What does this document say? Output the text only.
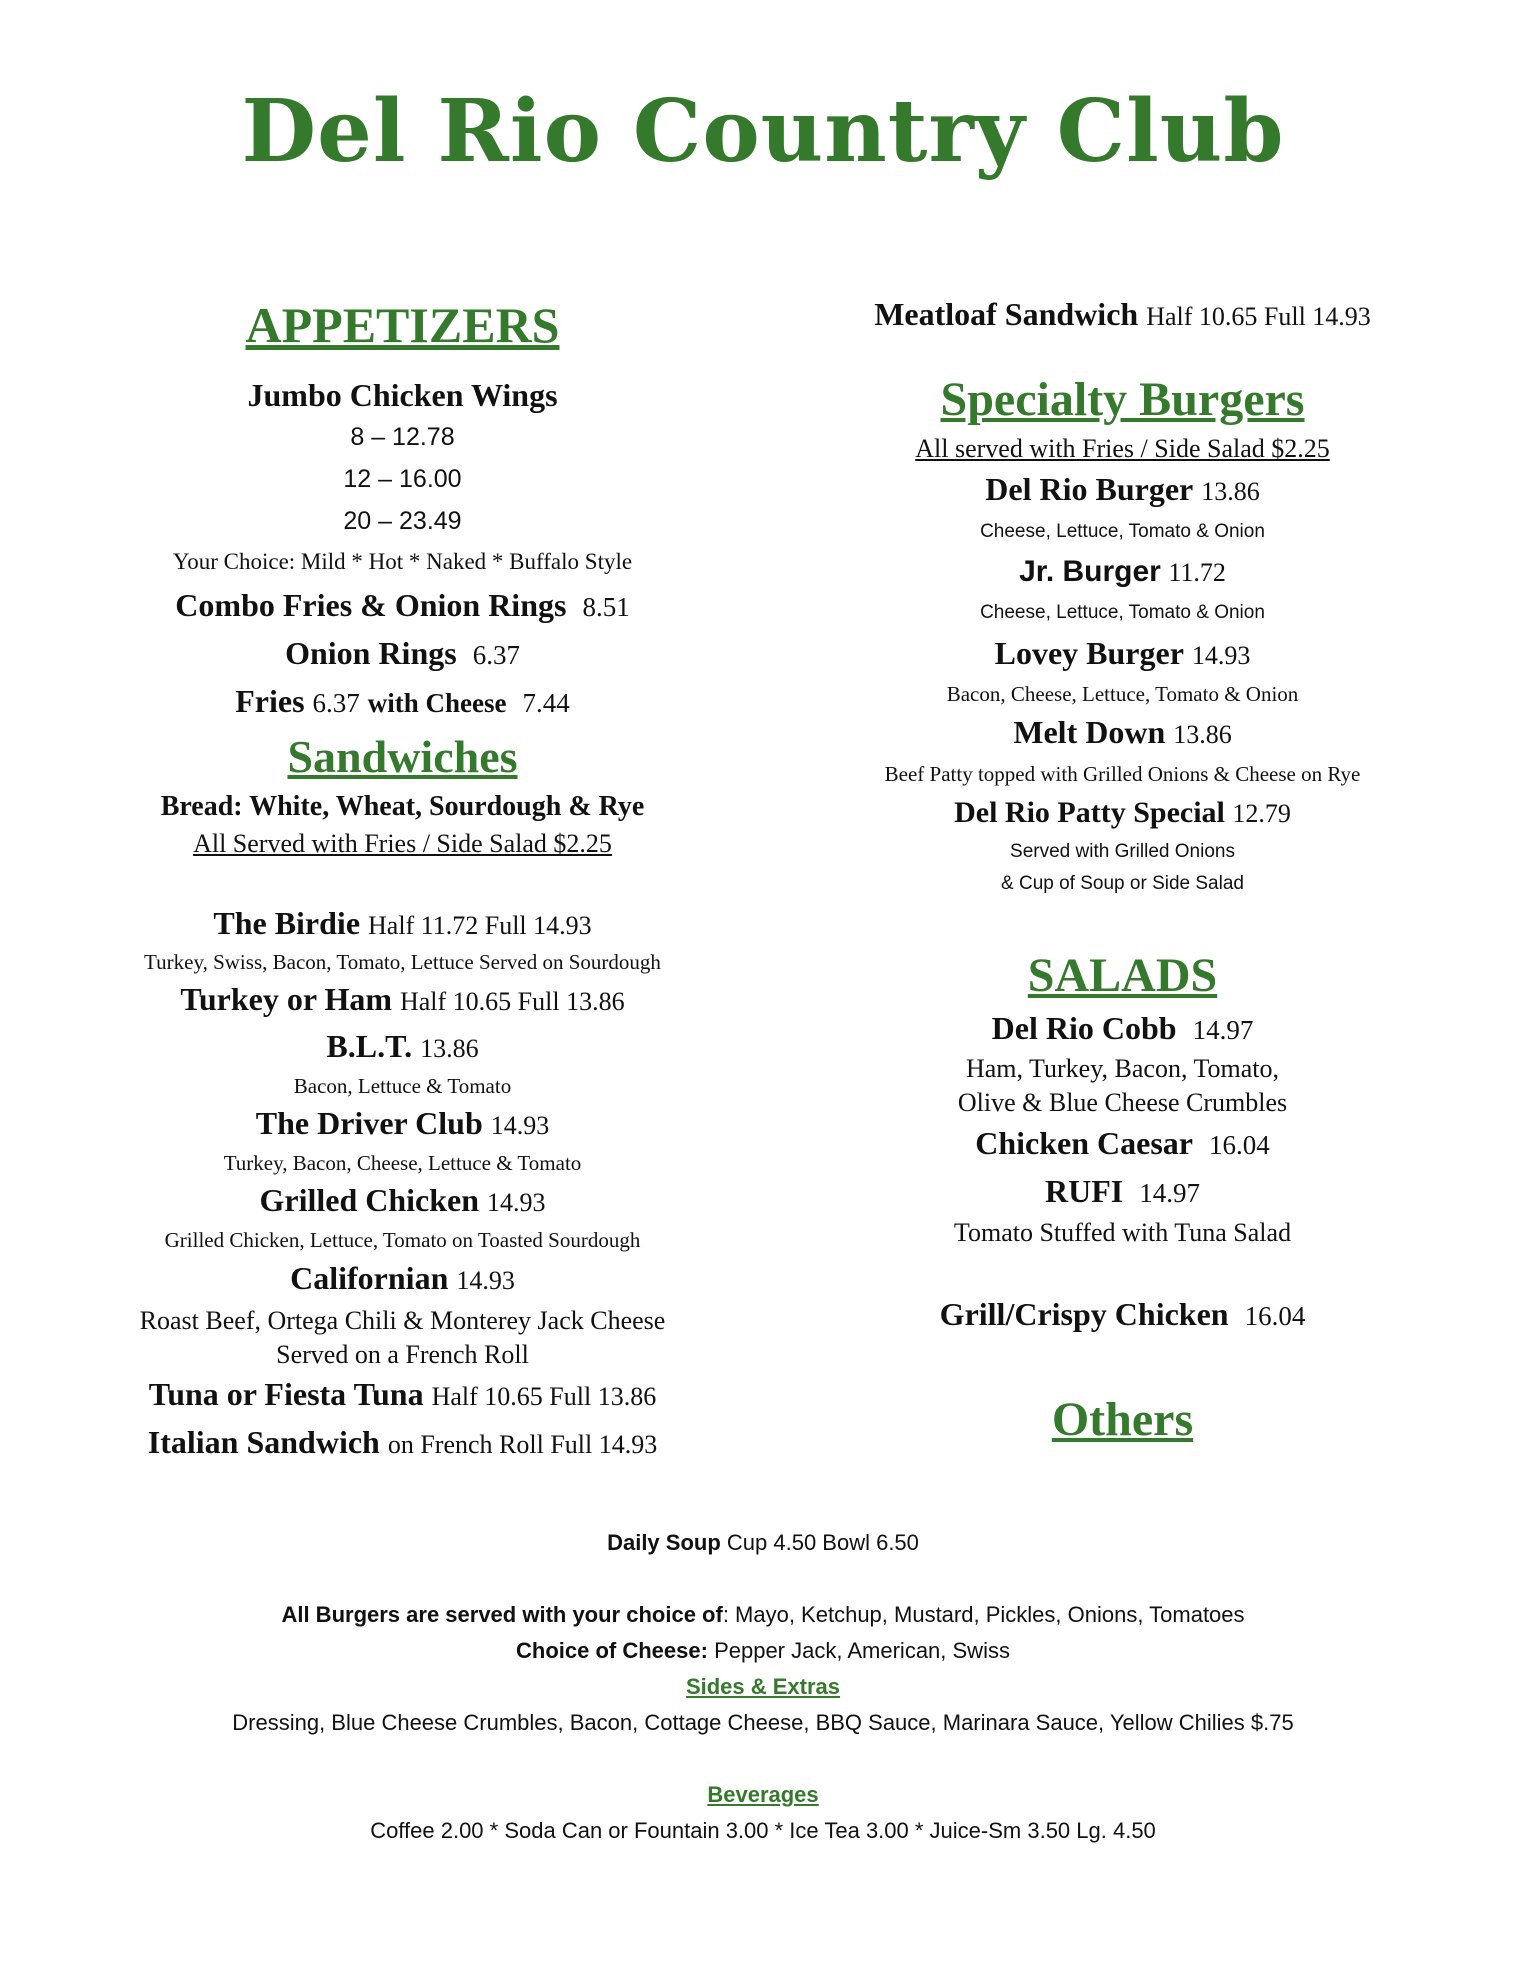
Del Rio Country Club
APPETIZERS
Jumbo Chicken Wings
8 – 12.78
12 – 16.00
20 – 23.49
Your Choice: Mild * Hot * Naked * Buffalo Style
Combo Fries & Onion Rings 8.51
Onion Rings 6.37
Fries 6.37 with Cheese 7.44
Sandwiches
Bread: White, Wheat, Sourdough & Rye
All Served with Fries / Side Salad $2.25
The Birdie Half 11.72 Full 14.93
Turkey, Swiss, Bacon, Tomato, Lettuce Served on Sourdough
Turkey or Ham Half 10.65 Full 13.86
B.L.T. 13.86
Bacon, Lettuce & Tomato
The Driver Club 14.93
Turkey, Bacon, Cheese, Lettuce & Tomato
Grilled Chicken 14.93
Grilled Chicken, Lettuce, Tomato on Toasted Sourdough
Californian 14.93
Roast Beef, Ortega Chili & Monterey Jack Cheese
Served on a French Roll
Tuna or Fiesta Tuna Half 10.65 Full 13.86
Italian Sandwich on French Roll Full 14.93
Meatloaf Sandwich Half 10.65 Full 14.93
Specialty Burgers
All served with Fries / Side Salad $2.25
Del Rio Burger 13.86
Cheese, Lettuce, Tomato & Onion
Jr. Burger 11.72
Cheese, Lettuce, Tomato & Onion
Lovey Burger 14.93
Bacon, Cheese, Lettuce, Tomato & Onion
Melt Down 13.86
Beef Patty topped with Grilled Onions & Cheese on Rye
Del Rio Patty Special 12.79
Served with Grilled Onions
& Cup of Soup or Side Salad
SALADS
Del Rio Cobb 14.97
Ham, Turkey, Bacon, Tomato,
Olive & Blue Cheese Crumbles
Chicken Caesar 16.04
RUFI 14.97
Tomato Stuffed with Tuna Salad
Grill/Crispy Chicken 16.04
Others
Daily Soup Cup 4.50 Bowl 6.50
All Burgers are served with your choice of: Mayo, Ketchup, Mustard, Pickles, Onions, Tomatoes
Choice of Cheese: Pepper Jack, American, Swiss
Sides & Extras
Dressing, Blue Cheese Crumbles, Bacon, Cottage Cheese, BBQ Sauce, Marinara Sauce, Yellow Chilies $.75
Beverages
Coffee 2.00 * Soda Can or Fountain 3.00 * Ice Tea 3.00 * Juice-Sm 3.50 Lg. 4.50
